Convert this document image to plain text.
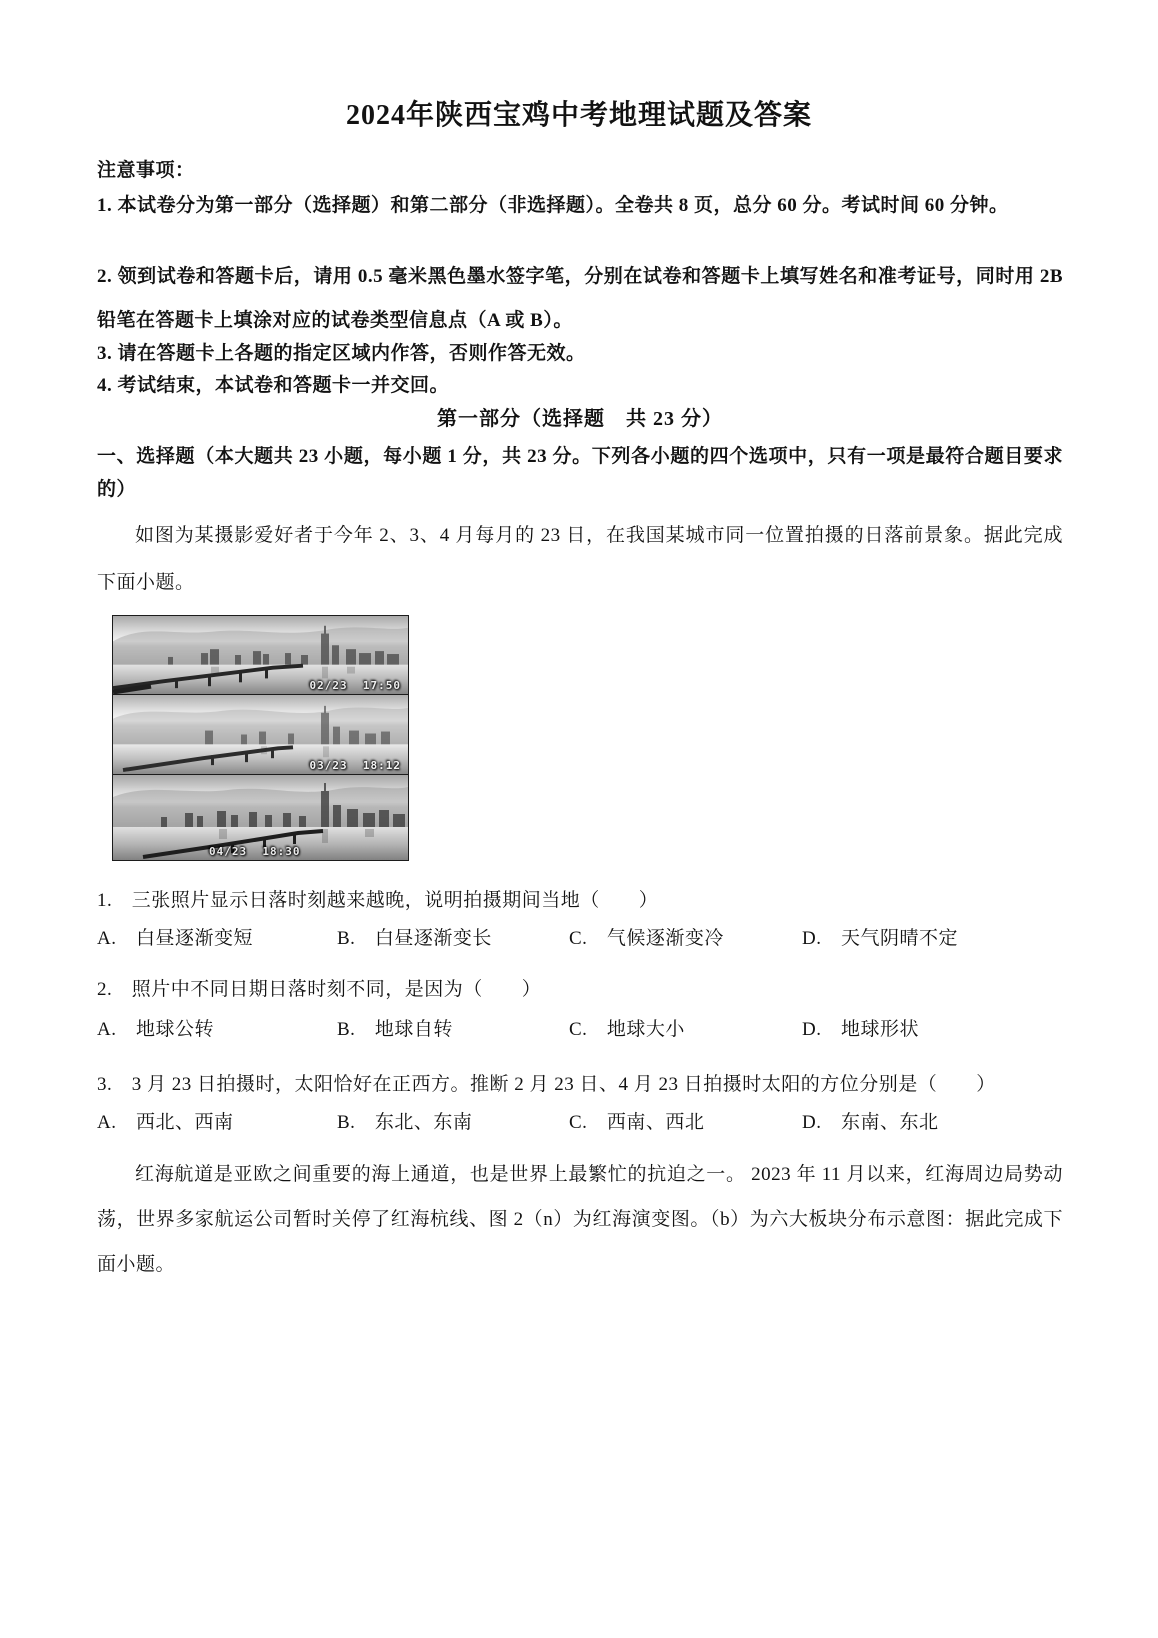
2024年陕西宝鸡中考地理试题及答案
注意事项：
1. 本试卷分为第一部分（选择题）和第二部分（非选择题）。全卷共 8 页，总分 60 分。考试时间 60 分钟。
2. 领到试卷和答题卡后，请用 0.5 毫米黑色墨水签字笔，分别在试卷和答题卡上填写姓名和准考证号，同时用 2B 铅笔在答题卡上填涂对应的试卷类型信息点（A 或 B）。
3. 请在答题卡上各题的指定区域内作答，否则作答无效。
4. 考试结束，本试卷和答题卡一并交回。
第一部分（选择题　共 23 分）
一、选择题（本大题共 23 小题，每小题 1 分，共 23 分。下列各小题的四个选项中，只有一项是最符合题目要求的）
如图为某摄影爱好者于今年 2、3、4 月每月的 23 日，在我国某城市同一位置拍摄的日落前景象。据此完成下面小题。
02/23  17:50
03/23  18:12
04/23  18:30
1.　三张照片显示日落时刻越来越晚，说明拍摄期间当地（　　）
A.　白昼逐渐变短	B.　白昼逐渐变长	C.　气候逐渐变冷	D.　天气阴晴不定
2.　照片中不同日期日落时刻不同，是因为（　　）
A.　地球公转	B.　地球自转	C.　地球大小	D.　地球形状
3.　3 月 23 日拍摄时，太阳恰好在正西方。推断 2 月 23 日、4 月 23 日拍摄时太阳的方位分别是（　　）
A.　西北、西南	B.　东北、东南	C.　西南、西北	D.　东南、东北
红海航道是亚欧之间重要的海上通道，也是世界上最繁忙的抗迫之一。 2023 年 11 月以来，红海周边局势动荡，世界多家航运公司暂时关停了红海杭线、图 2（n）为红海演变图。（b）为六大板块分布示意图：据此完成下面小题。
